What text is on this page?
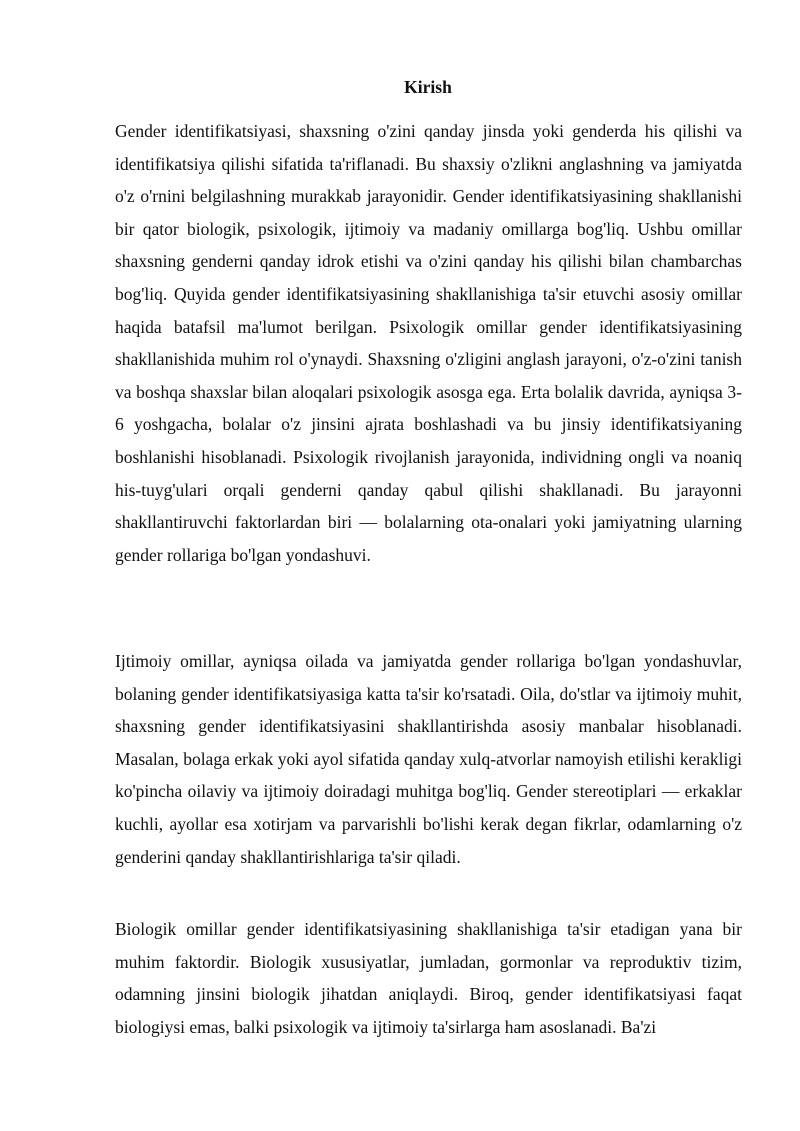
Kirish

Gender identifikatsiyasi, shaxsning o'zini qanday jinsda yoki genderda his qilishi va identifikatsiya qilishi sifatida ta'riflanadi. Bu shaxsiy o'zlikni anglashning va jamiyatda o'z o'rnini belgilashning murakkab jarayonidir. Gender identifikatsiyasining shakllanishi bir qator biologik, psixologik, ijtimoiy va madaniy omillarga bog'liq. Ushbu omillar shaxsning genderni qanday idrok etishi va o'zini qanday his qilishi bilan chambarchas bog'liq. Quyida gender identifikatsiyasining shakllanishiga ta'sir etuvchi asosiy omillar haqida batafsil ma'lumot berilgan. Psixologik omillar gender identifikatsiyasining shakllanishida muhim rol o'ynaydi. Shaxsning o'zligini anglash jarayoni, o'z-o'zini tanish va boshqa shaxslar bilan aloqalari psixologik asosga ega. Erta bolalik davrida, ayniqsa 3-6 yoshgacha, bolalar o'z jinsini ajrata boshlashadi va bu jinsiy identifikatsiyaning boshlanishi hisoblanadi. Psixologik rivojlanish jarayonida, individning ongli va noaniq his-tuyg'ulari orqali genderni qanday qabul qilishi shakllanadi. Bu jarayonni shakllantiruvchi faktorlardan biri — bolalarning ota-onalari yoki jamiyatning ularning gender rollariga bo'lgan yondashuvi.

Ijtimoiy omillar, ayniqsa oilada va jamiyatda gender rollariga bo'lgan yondashuvlar, bolaning gender identifikatsiyasiga katta ta'sir ko'rsatadi. Oila, do'stlar va ijtimoiy muhit, shaxsning gender identifikatsiyasini shakllantirishda asosiy manbalar hisoblanadi. Masalan, bolaga erkak yoki ayol sifatida qanday xulq-atvorlar namoyish etilishi kerakligi ko'pincha oilaviy va ijtimoiy doiradagi muhitga bog'liq. Gender stereotiplari — erkaklar kuchli, ayollar esa xotirjam va parvarishli bo'lishi kerak degan fikrlar, odamlarning o'z genderini qanday shakllantirishlariga ta'sir qiladi.

Biologik omillar gender identifikatsiyasining shakllanishiga ta'sir etadigan yana bir muhim faktordir. Biologik xususiyatlar, jumladan, gormonlar va reproduktiv tizim, odamning jinsini biologik jihatdan aniqlaydi. Biroq, gender identifikatsiyasi faqat biologiysi emas, balki psixologik va ijtimoiy ta'sirlarga ham asoslanadi. Ba'zi
